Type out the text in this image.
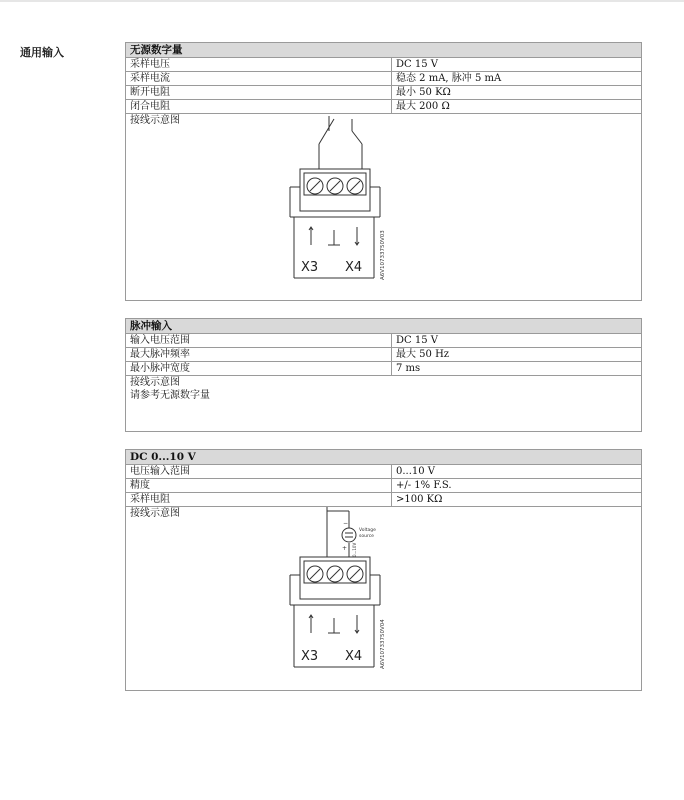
通用输入	无源数字量
采样电压	DC 15 V
采样电流	稳态 2 mA, 脉冲 5 mA
断开电阻	最小 50 KΩ
闭合电阻	最大 200 Ω
接线示意图
X3 X4	A6V10733750V03
脉冲输入
输入电压范围	DC 15 V
最大脉冲频率	最大 50 Hz
最小脉冲宽度	7 ms
接线示意图
请参考无源数字量
DC 0...10 V
电压输入范围	0...10 V
精度	+/- 1% F.S.
采样电阻	>100 KΩ
接线示意图
−
+
Voltage
source
0...10V
X3 X4	A6V10733750V04
